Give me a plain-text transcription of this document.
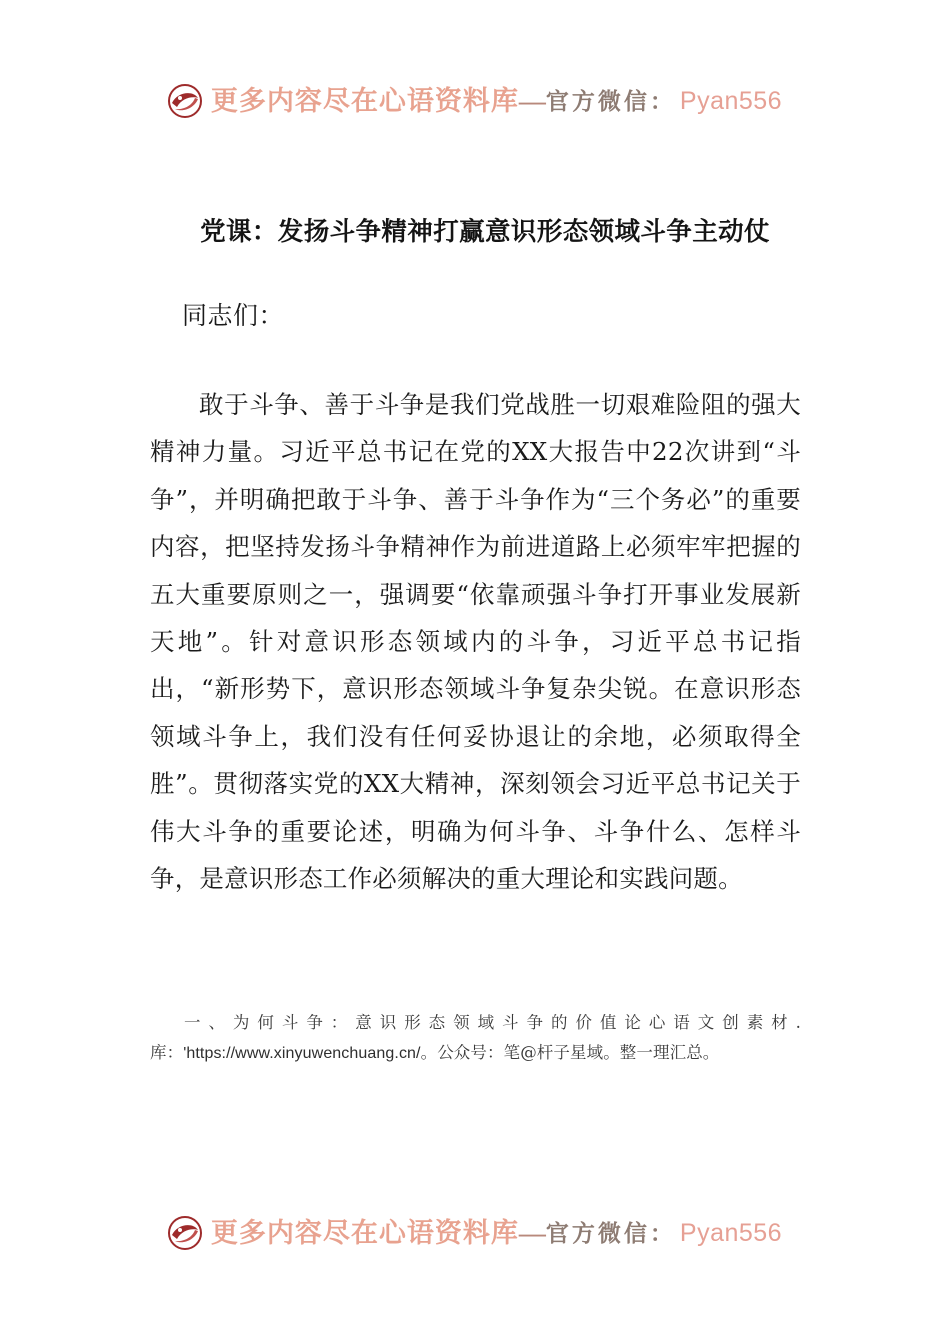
更多内容尽在心语资料库 — 官方微信： Pyan556
党课：发扬斗争精神打赢意识形态领域斗争主动仗
同志们：
敢于斗争、善于斗争是我们党战胜一切艰难险阻的强大精神力量。习近平总书记在党的XX大报告中22次讲到“斗争”，并明确把敢于斗争、善于斗争作为“三个务必”的重要内容，把坚持发扬斗争精神作为前进道路上必须牢牢把握的五大重要原则之一，强调要“依靠顽强斗争打开事业发展新天地”。针对意识形态领域内的斗争，习近平总书记指出，“新形势下，意识形态领域斗争复杂尖锐。在意识形态领域斗争上，我们没有任何妥协退让的余地，必须取得全胜”。贯彻落实党的XX大精神，深刻领会习近平总书记关于伟大斗争的重要论述，明确为何斗争、斗争什么、怎样斗争，是意识形态工作必须解决的重大理论和实践问题。
一、为何斗争：意识形态领域斗争的价值论心语文创素材.库：'https://www.xinyuwenchuang.cn/。公众号：笔@杆子星域。整一理汇总。
更多内容尽在心语资料库 — 官方微信： Pyan556
